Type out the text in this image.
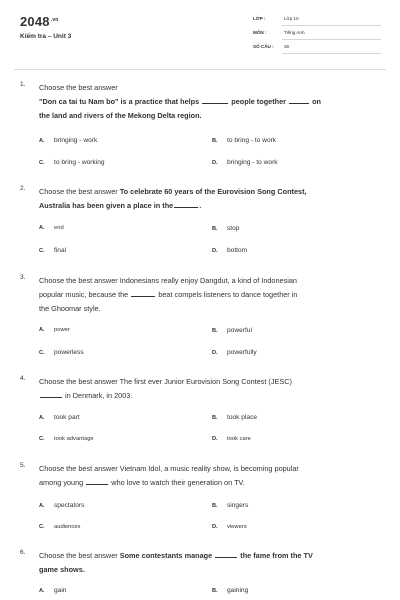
$2048^{.vn}$
Kiểm tra – Unit 3
LỚP :	Lớp 10
MÔN :	Tiếng Anh
SỐ CÂU : 38
1. Choose the best answer
"Don ca tai tu Nam bo" is a practice that helps	people together	on
the land and rivers of the Mekong Delta region.
A. bringing - work	B. to bring - to work
C. to bring - working	D. bringing - to work
2. Choose the best answer To celebrate 60 years of the Eurovision Song Contest,
Australia has been given a place in the	.
A. end	B. stop
C. final	D. bottom
3. Choose the best answer Indonesians really enjoy Dangdut, a kind of Indonesian
popular music, because the	beat compels listeners to dance together in
the Ghoomar style.
A. power	B. powerful
C. powerless	D. powerfully
4. Choose the best answer The first ever Junior Eurovision Song Contest (JESC)
in Denmark, in 2003.
A. took part	B. took place
C. took advantage	D. took care
5. Choose the best answer Vietnam Idol, a music reality show, is becoming popular
among young	who love to watch their generation on TV.
A. spectators	B. singers
C. audiences	D. viewers
6. Choose the best answer Some contestants manage	the fame from the TV
game shows.
A. gain	B. gaining
